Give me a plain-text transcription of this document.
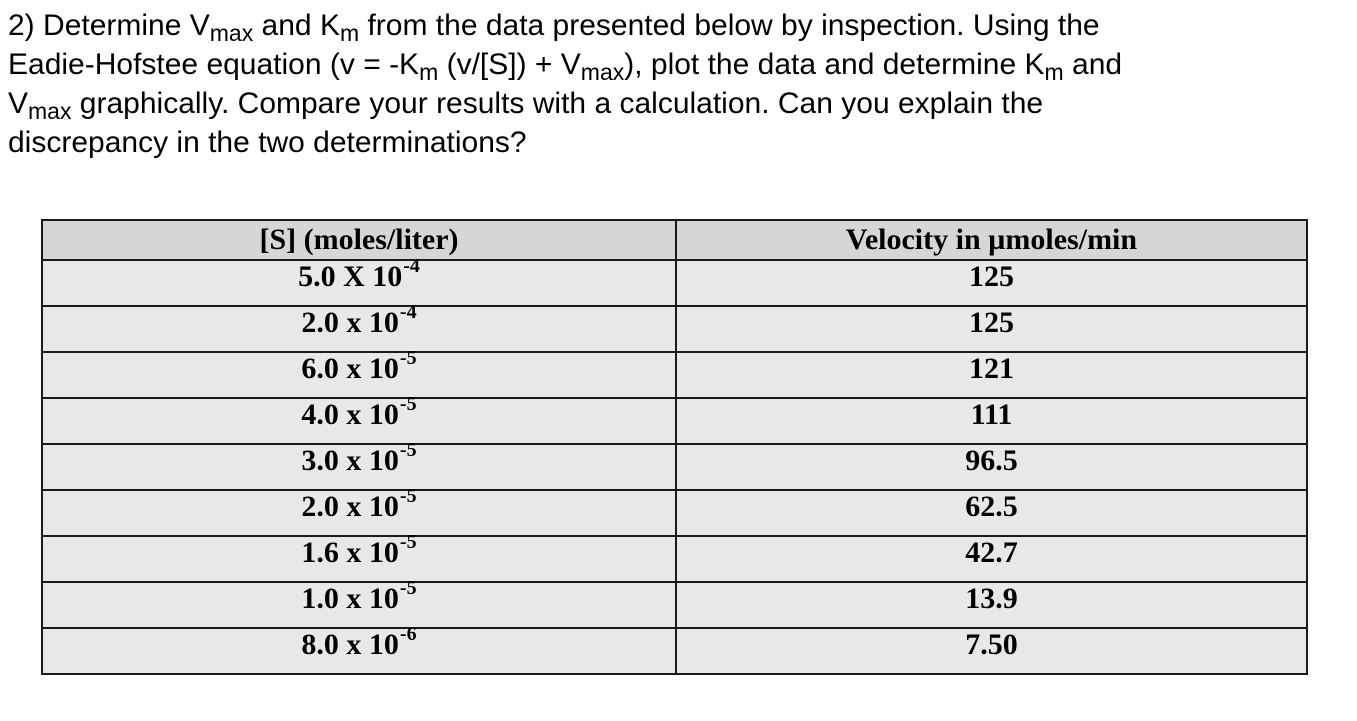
2) Determine $V_{max}$ and $K_m$ from the data presented below by inspection. Using the
Eadie-Hofstee equation ($v = -K_m$ $(v/[S]) + V_{max}$), plot the data and determine $K_m$ and
$V_{max}$ graphically. Compare your results with a calculation. Can you explain the
discrepancy in the two determinations?

[S] (moles/liter)	Velocity in µmoles/min
5.0 X $10^{-4}$	125
2.0 x $10^{-4}$	125
6.0 x $10^{-5}$	121
4.0 x $10^{-5}$	111
3.0 x $10^{-5}$	96.5
2.0 x $10^{-5}$	62.5
1.6 x $10^{-5}$	42.7
1.0 x $10^{-5}$	13.9
8.0 x $10^{-6}$	7.50
